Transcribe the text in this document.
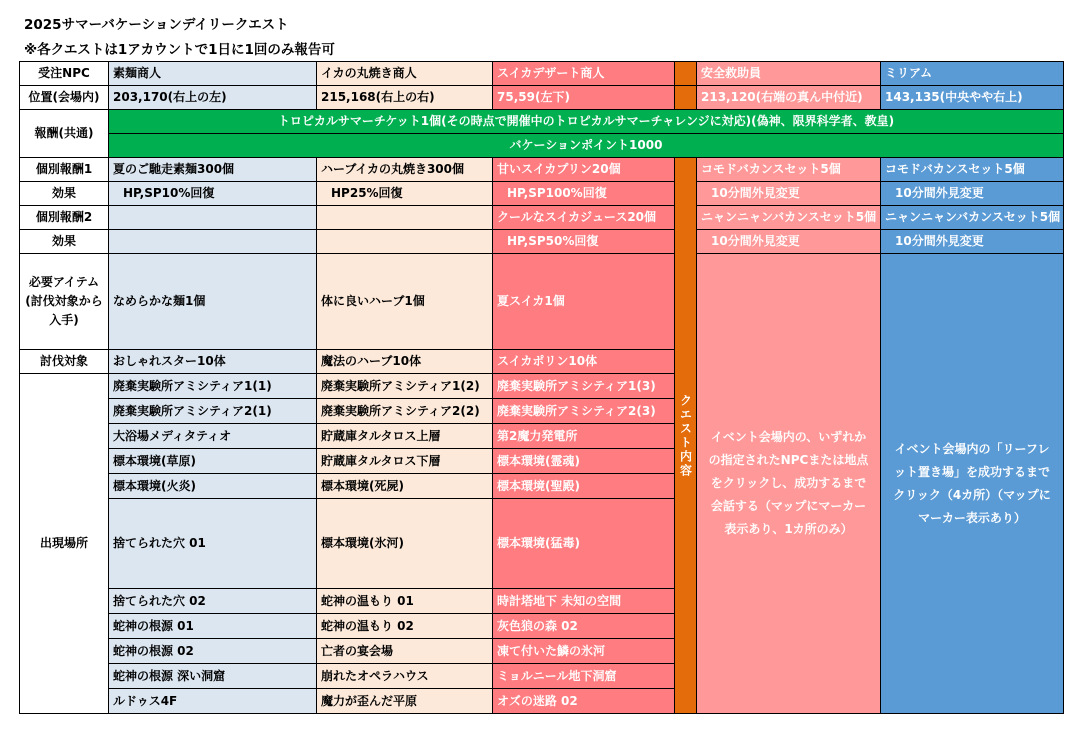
2025サマーバケーションデイリークエスト
※各クエストは1アカウントで1日に1回のみ報告可
受注NPC	素麺商人	イカの丸焼き商人	スイカデザート商人		安全救助員	ミリアム
位置(会場内)	203,170(右上の左)	215,168(右上の右)	75,59(左下)		213,120(右端の真ん中付近)	143,135(中央やや右上)
報酬(共通)	トロピカルサマーチケット1個(その時点で開催中のトロピカルサマーチャレンジに対応)(偽神、限界科学者、教皇)					
	バケーションポイント1000					
個別報酬1	夏のご馳走素麺300個	ハーブイカの丸焼き300個	甘いスイカプリン20個	クエスト内容	コモドバカンスセット5個	コモドバカンスセット5個
効果	HP,SP10%回復	HP25%回復	HP,SP100%回復		10分間外見変更	10分間外見変更
個別報酬2			クールなスイカジュース20個		ニャンニャンバカンスセット5個	ニャンニャンバカンスセット5個
効果			HP,SP50%回復		10分間外見変更	10分間外見変更
必要アイテム (討伐対象から入手)	なめらかな麺1個	体に良いハーブ1個	夏スイカ1個		イベント会場内の、いずれかの指定されたNPCまたは地点をクリックし、成功するまで会話する（マップにマーカー表示あり、1カ所のみ）	イベント会場内の「リーフレット置き場」を成功するまでクリック（4カ所）（マップにマーカー表示あり）
討伐対象	おしゃれスター10体	魔法のハーブ10体	スイカポリン10体			
出現場所	廃棄実験所アミシティア1(1)	廃棄実験所アミシティア1(2)	廃棄実験所アミシティア1(3)			
	廃棄実験所アミシティア2(1)	廃棄実験所アミシティア2(2)	廃棄実験所アミシティア2(3)			
	大浴場メディタティオ	貯蔵庫タルタロス上層	第2魔力発電所			
	標本環境(草原)	貯蔵庫タルタロス下層	標本環境(霊魂)			
	標本環境(火炎)	標本環境(死屍)	標本環境(聖殿)			
	捨てられた穴 01	標本環境(氷河)	標本環境(猛毒)			
	捨てられた穴 02	蛇神の温もり 01	時計塔地下 未知の空間			
	蛇神の根源 01	蛇神の温もり 02	灰色狼の森 02			
	蛇神の根源 02	亡者の宴会場	凍て付いた鱗の氷河			
	蛇神の根源 深い洞窟	崩れたオペラハウス	ミョルニール地下洞窟			
	ルドゥス4F	魔力が歪んだ平原	オズの迷路 02			
